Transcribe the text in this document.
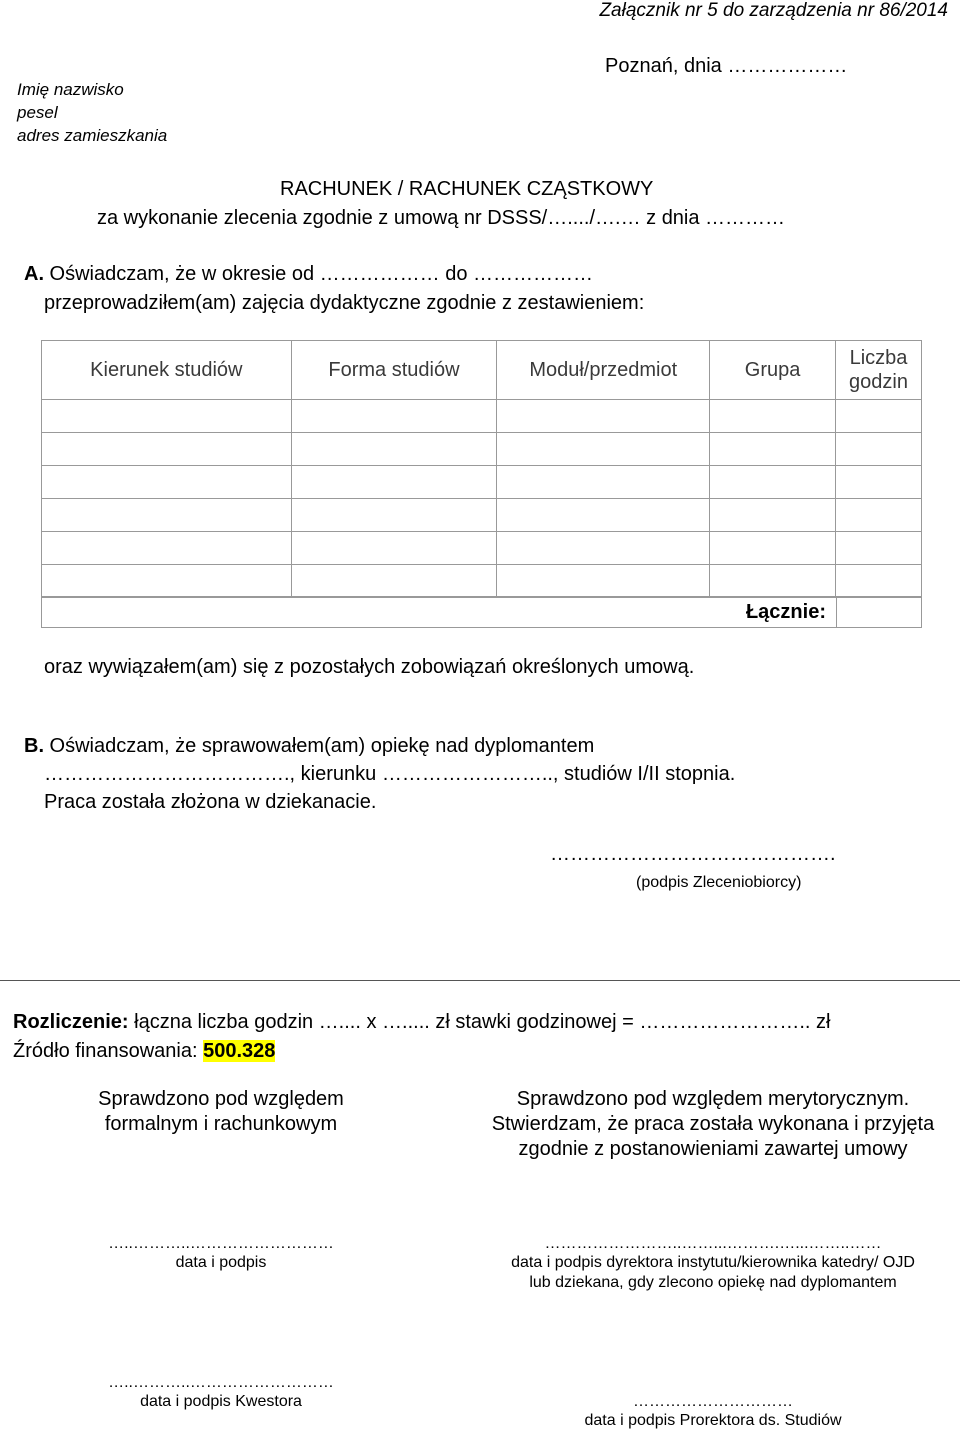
Załącznik nr 5 do zarządzenia nr 86/2014
Poznań, dnia ………………
Imię nazwisko
pesel
adres zamieszkania
RACHUNEK / RACHUNEK CZĄSTKOWY
za wykonanie zlecenia zgodnie z umową nr DSSS/…..../….… z dnia …………
A. Oświadczam, że w okresie od ……………… do ………………
przeprowadziłem(am) zajęcia dydaktyczne zgodnie z zestawieniem:
Kierunek studiów	Forma studiów	Moduł/przedmiot	Grupa	Liczba godzin

Łącznie:
oraz wywiązałem(am) się z pozostałych zobowiązań określonych umową.
B. Oświadczam, że sprawowałem(am) opiekę nad dyplomantem
………………………………., kierunku …………………….., studiów I/II stopnia.
Praca została złożona w dziekanacie.
…………………………………….
(podpis Zleceniobiorcy)
Rozliczenie: łączna liczba godzin ….... x …..... zł stawki godzinowej = …………………….. zł
Źródło finansowania: 500.328
Sprawdzono pod względem
formalnym i rachunkowym
Sprawdzono pod względem merytorycznym.
Stwierdzam, że praca została wykonana i przyjęta
zgodnie z postanowieniami zawartej umowy
…..………..………………………
data i podpis
……………………..……...……….…...……..……
data i podpis dyrektora instytutu/kierownika katedry/ OJD
lub dziekana, gdy zlecono opiekę nad dyplomantem
…..………..………………………
data i podpis Kwestora	…………………………
data i podpis Prorektora ds. Studiów
